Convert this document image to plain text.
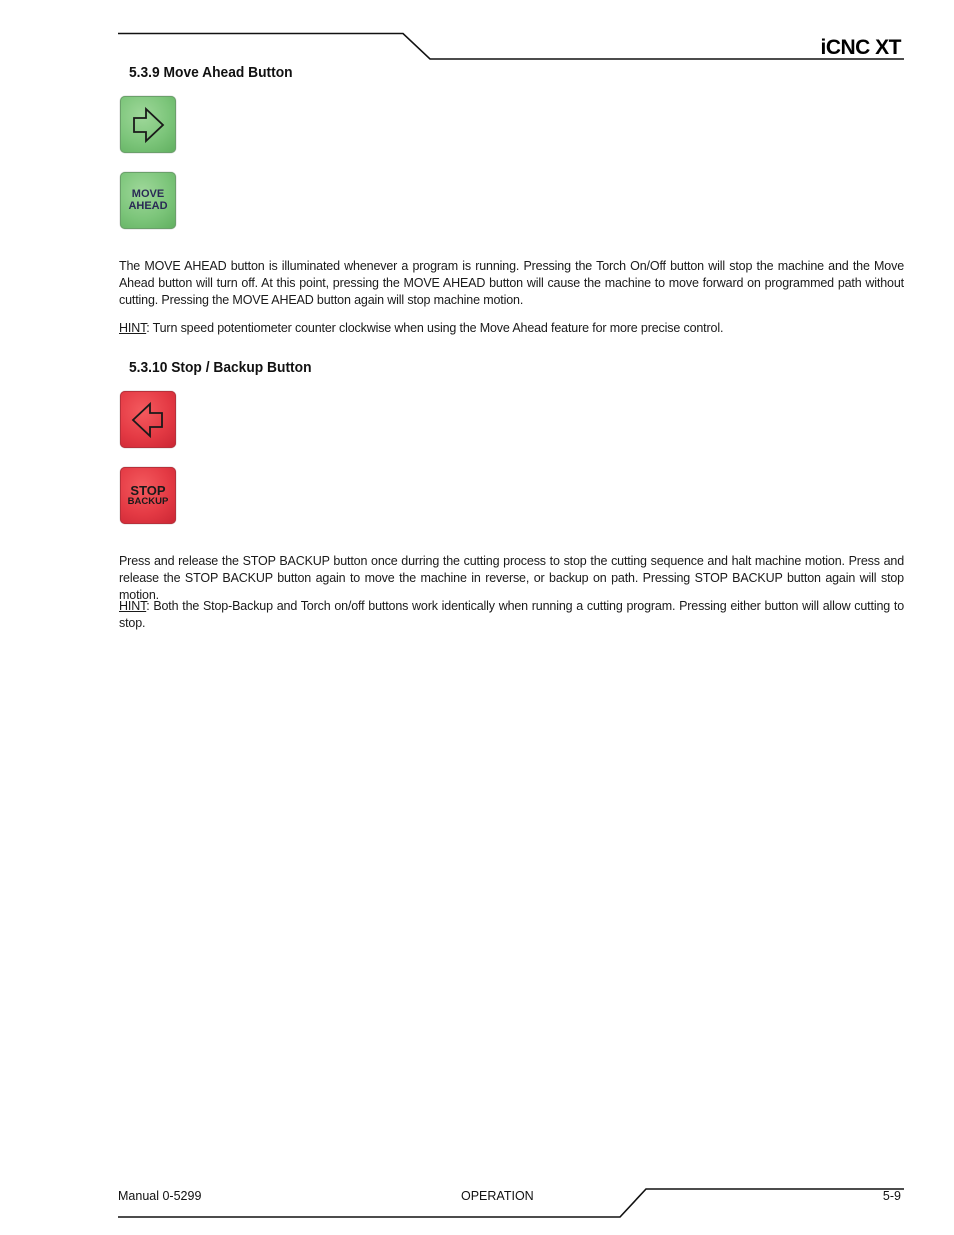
iCNC XT
5.3.9 Move Ahead Button
MOVE
AHEAD

The MOVE AHEAD button is illuminated whenever a program is running. Pressing the Torch On/Off button will stop the machine and the Move Ahead button will turn off. At this point, pressing the MOVE AHEAD button will cause the machine to move forward on programmed path without cutting. Pressing the MOVE AHEAD button again will stop machine motion.

HINT: Turn speed potentiometer counter clockwise when using the Move Ahead feature for more precise control.

5.3.10 Stop / Backup Button
STOP
BACKUP

Press and release the STOP BACKUP button once durring the cutting process to stop the cutting sequence and halt machine motion. Press and release the STOP BACKUP button again to move the machine in reverse, or backup on path. Pressing STOP BACKUP button again will stop motion.

HINT: Both the Stop-Backup and Torch on/off buttons work identically when running a cutting program. Pressing either button will allow cutting to stop.

Manual 0-5299	OPERATION	5-9
